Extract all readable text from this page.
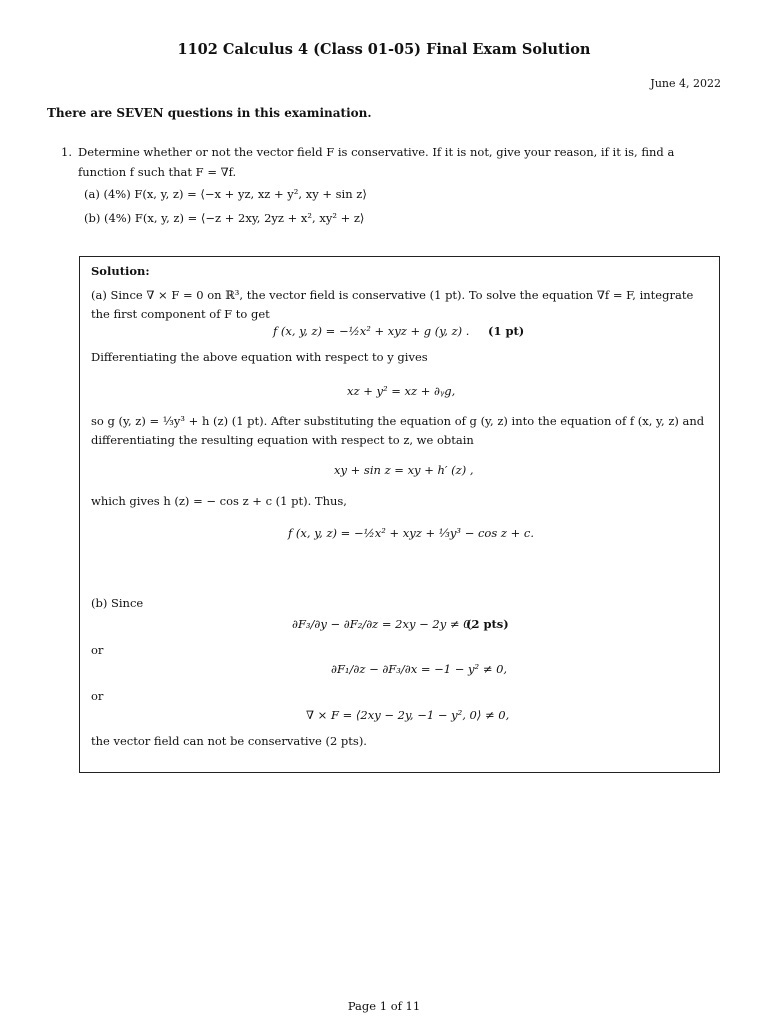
1102 Calculus 4 (Class 01-05) Final Exam Solution
June 4, 2022
There are SEVEN questions in this examination.
1. Determine whether or not the vector field F is conservative. If it is not, give your reason, if it is, find a function f such that F = ∇f.
(a) (4%) F(x, y, z) = ⟨−x + yz, xz + y², xy + sin z⟩
(b) (4%) F(x, y, z) = ⟨−z + 2xy, 2yz + x², xy² + z⟩
Solution:
(a) Since ∇ × F = 0 on ℝ³, the vector field is conservative (1 pt). To solve the equation ∇f = F, integrate the first component of F to get
f (x, y, z) = −½x² + xyz + g (y, z) . (1 pt)
Differentiating the above equation with respect to y gives
xz + y² = xz + ∂ᵧg,
so g (y, z) = ⅓y³ + h (z) (1 pt). After substituting the equation of g (y, z) into the equation of f (x, y, z) and differentiating the resulting equation with respect to z, we obtain
xy + sin z = xy + h′ (z) ,
which gives h (z) = − cos z + c (1 pt). Thus,
f (x, y, z) = −½x² + xyz + ⅓y³ − cos z + c.
(b) Since
∂F₃/∂y − ∂F₂/∂z = 2xy − 2y ≠ 0,
(2 pts)
or
∂F₁/∂z − ∂F₃/∂x = −1 − y² ≠ 0,
or
∇ × F = ⟨2xy − 2y, −1 − y², 0⟩ ≠ 0,
the vector field can not be conservative (2 pts).
Page 1 of 11
